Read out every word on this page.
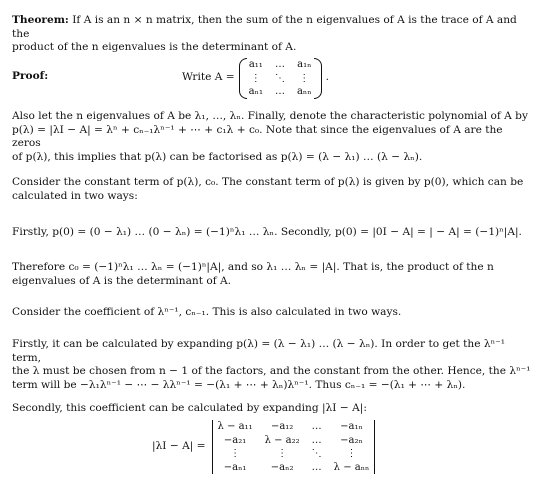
Theorem: If A is an n × n matrix, then the sum of the n eigenvalues of A is the trace of A and the
product of the n eigenvalues is the determinant of A.
Proof:	Write A =
a₁₁	…	a₁ₙ
⋮	⋱	⋮
aₙ₁	…	aₙₙ
.
Also let the n eigenvalues of A be λ₁, …, λₙ. Finally, denote the characteristic polynomial of A by
p(λ) = |λI − A| = λⁿ + cₙ₋₁λⁿ⁻¹ + ⋯ + c₁λ + c₀. Note that since the eigenvalues of A are the zeros
of p(λ), this implies that p(λ) can be factorised as p(λ) = (λ − λ₁) … (λ − λₙ).
Consider the constant term of p(λ), c₀. The constant term of p(λ) is given by p(0), which can be
calculated in two ways:
Firstly, p(0) = (0 − λ₁) … (0 − λₙ) = (−1)ⁿλ₁ … λₙ. Secondly, p(0) = |0I − A| = | − A| = (−1)ⁿ|A|.
Therefore c₀ = (−1)ⁿλ₁ … λₙ = (−1)ⁿ|A|, and so λ₁ … λₙ = |A|. That is, the product of the n
eigenvalues of A is the determinant of A.
Consider the coefficient of λⁿ⁻¹, cₙ₋₁. This is also calculated in two ways.
Firstly, it can be calculated by expanding p(λ) = (λ − λ₁) … (λ − λₙ). In order to get the λⁿ⁻¹ term,
the λ must be chosen from n − 1 of the factors, and the constant from the other. Hence, the λⁿ⁻¹
term will be −λ₁λⁿ⁻¹ − ⋯ − λλⁿ⁻¹ = −(λ₁ + ⋯ + λₙ)λⁿ⁻¹. Thus cₙ₋₁ = −(λ₁ + ⋯ + λₙ).
Secondly, this coefficient can be calculated by expanding |λI − A|:
|λI − A| =
λ − a₁₁	−a₁₂	…	−a₁ₙ
−a₂₁	λ − a₂₂	…	−a₂ₙ
⋮	⋮	⋱	⋮
−aₙ₁	−aₙ₂	…	λ − aₙₙ
